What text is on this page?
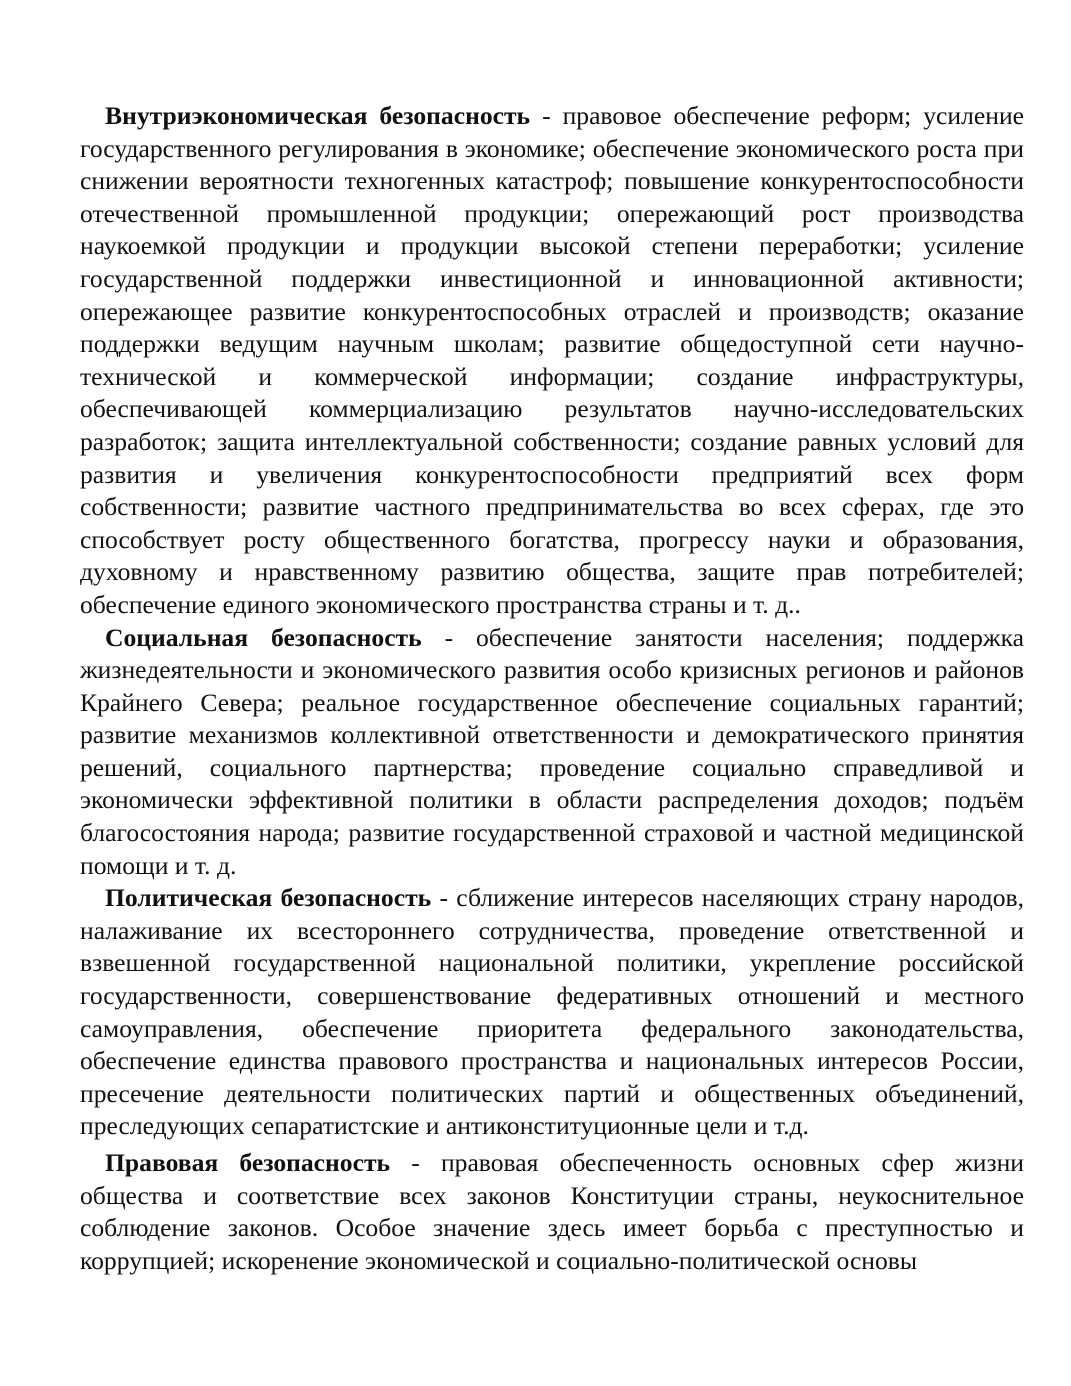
Внутриэкономическая безопасность - правовое обеспечение реформ; усиление государственного регулирования в экономике; обеспечение экономического роста при снижении вероятности техногенных катастроф; повышение конкурентоспособности отечественной промышленной продукции; опережающий рост производства наукоемкой продукции и продукции высокой степени переработки; усиление государственной поддержки инвестиционной и инновационной активности; опережающее развитие конкурентоспособных отраслей и производств; оказание поддержки ведущим научным школам; развитие общедоступной сети научно-технической и коммерческой информации; создание инфраструктуры, обеспечивающей коммерциализацию результатов научно-исследовательских разработок; защита интеллектуальной собственности; создание равных условий для развития и увеличения конкурентоспособности предприятий всех форм собственности; развитие частного предпринимательства во всех сферах, где это способствует росту общественного богатства, прогрессу науки и образования, духовному и нравственному развитию общества, защите прав потребителей; обеспечение единого экономического пространства страны и т. д..

Социальная безопасность - обеспечение занятости населения; поддержка жизнедеятельности и экономического развития особо кризисных регионов и районов Крайнего Севера; реальное государственное обеспечение социальных гарантий; развитие механизмов коллективной ответственности и демократического принятия решений, социального партнерства; проведение социально справедливой и экономически эффективной политики в области распределения доходов; подъём благосостояния народа; развитие государственной страховой и частной медицинской помощи и т. д.

Политическая безопасность - сближение интересов населяющих страну народов, налаживание их всестороннего сотрудничества, проведение ответственной и взвешенной государственной национальной политики, укрепление российской государственности, совершенствование федеративных отношений и местного самоуправления, обеспечение приоритета федерального законодательства, обеспечение единства правового пространства и национальных интересов России, пресечение деятельности политических партий и общественных объединений, преследующих сепаратистские и антиконституционные цели и т.д.

Правовая безопасность - правовая обеспеченность основных сфер жизни общества и соответствие всех законов Конституции страны, неукоснительное соблюдение законов. Особое значение здесь имеет борьба с преступностью и коррупцией; искоренение экономической и социально-политической основы
